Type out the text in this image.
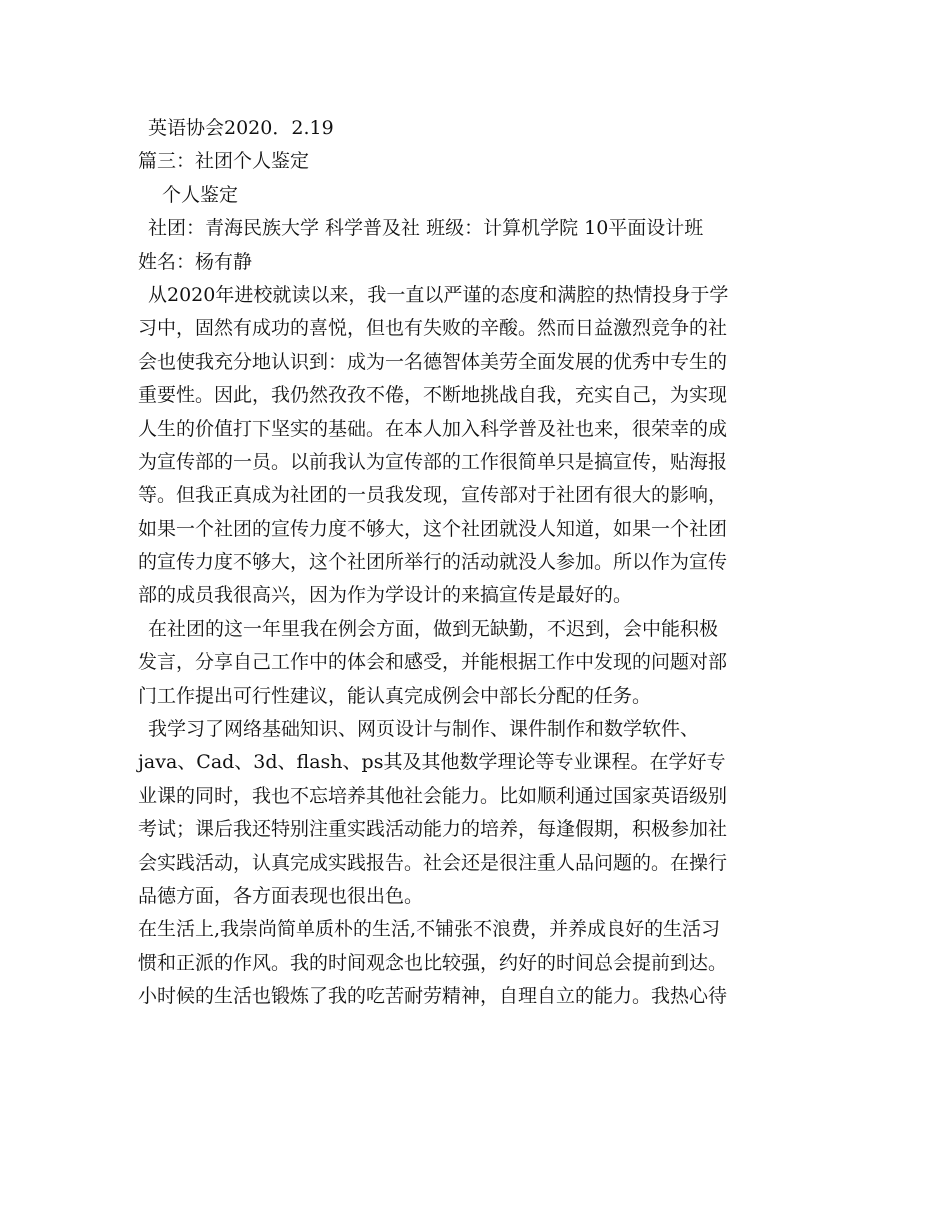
英语协会2020．2.19
篇三：社团个人鉴定
个人鉴定
社团：青海民族大学 科学普及社 班级：计算机学院 10平面设计班
姓名：杨有静
从2020年进校就读以来，我一直以严谨的态度和满腔的热情投身于学
习中，固然有成功的喜悦，但也有失败的辛酸。然而日益激烈竞争的社
会也使我充分地认识到：成为一名德智体美劳全面发展的优秀中专生的
重要性。因此，我仍然孜孜不倦，不断地挑战自我，充实自己，为实现
人生的价值打下坚实的基础。在本人加入科学普及社也来，很荣幸的成
为宣传部的一员。以前我认为宣传部的工作很简单只是搞宣传，贴海报
等。但我正真成为社团的一员我发现，宣传部对于社团有很大的影响，
如果一个社团的宣传力度不够大，这个社团就没人知道，如果一个社团
的宣传力度不够大，这个社团所举行的活动就没人参加。所以作为宣传
部的成员我很高兴，因为作为学设计的来搞宣传是最好的。
在社团的这一年里我在例会方面，做到无缺勤，不迟到，会中能积极
发言，分享自己工作中的体会和感受，并能根据工作中发现的问题对部
门工作提出可行性建议，能认真完成例会中部长分配的任务。
我学习了网络基础知识、网页设计与制作、课件制作和数学软件、
java、Cad、3d、flash、ps其及其他数学理论等专业课程。在学好专
业课的同时，我也不忘培养其他社会能力。比如顺利通过国家英语级别
考试；课后我还特别注重实践活动能力的培养，每逢假期，积极参加社
会实践活动，认真完成实践报告。社会还是很注重人品问题的。在操行
品德方面，各方面表现也很出色。
在生活上,我崇尚简单质朴的生活,不铺张不浪费，并养成良好的生活习
惯和正派的作风。我的时间观念也比较强，约好的时间总会提前到达。
小时候的生活也锻炼了我的吃苦耐劳精神，自理自立的能力。我热心待
